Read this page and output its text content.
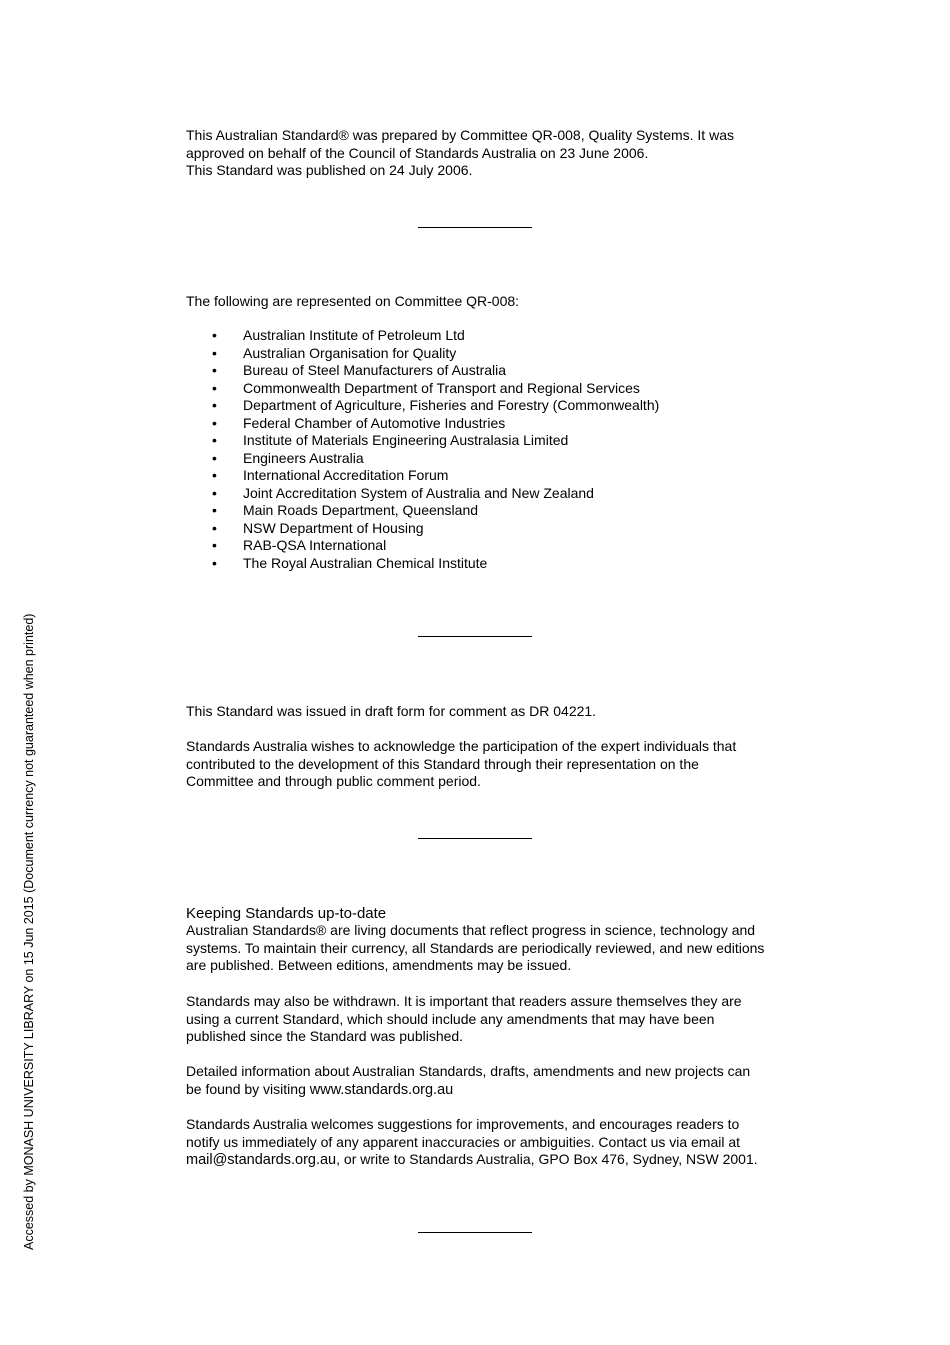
This Australian Standard® was prepared by Committee QR-008, Quality Systems. It was
approved on behalf of the Council of Standards Australia on 23 June 2006.
This Standard was published on 24 July 2006.
The following are represented on Committee QR-008:
• Australian Institute of Petroleum Ltd
• Australian Organisation for Quality
• Bureau of Steel Manufacturers of Australia
• Commonwealth Department of Transport and Regional Services
• Department of Agriculture, Fisheries and Forestry (Commonwealth)
• Federal Chamber of Automotive Industries
• Institute of Materials Engineering Australasia Limited
• Engineers Australia
• International Accreditation Forum
• Joint Accreditation System of Australia and New Zealand
• Main Roads Department, Queensland
• NSW Department of Housing
• RAB-QSA International
• The Royal Australian Chemical Institute
This Standard was issued in draft form for comment as DR 04221.
Standards Australia wishes to acknowledge the participation of the expert individuals that
contributed to the development of this Standard through their representation on the
Committee and through public comment period.
Keeping Standards up-to-date
Australian Standards® are living documents that reflect progress in science, technology and
systems. To maintain their currency, all Standards are periodically reviewed, and new editions
are published. Between editions, amendments may be issued.
Standards may also be withdrawn. It is important that readers assure themselves they are
using a current Standard, which should include any amendments that may have been
published since the Standard was published.
Detailed information about Australian Standards, drafts, amendments and new projects can
be found by visiting www.standards.org.au
Standards Australia welcomes suggestions for improvements, and encourages readers to
notify us immediately of any apparent inaccuracies or ambiguities. Contact us via email at
mail@standards.org.au, or write to Standards Australia, GPO Box 476, Sydney, NSW 2001.
Accessed by MONASH UNIVERSITY LIBRARY on 15 Jun 2015 (Document currency not guaranteed when printed)
